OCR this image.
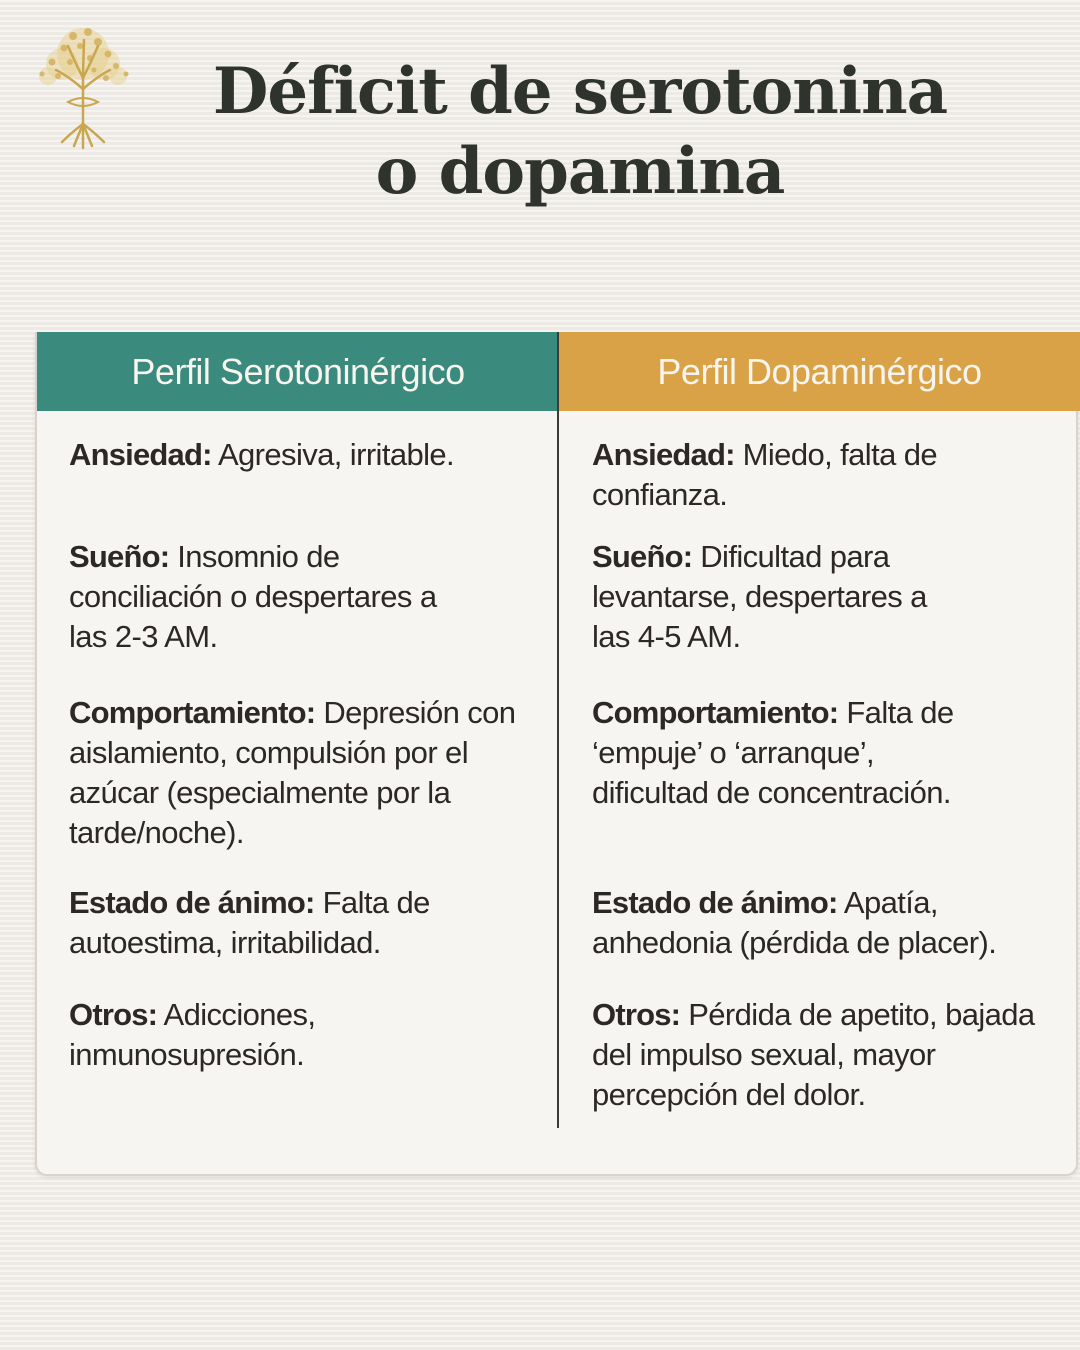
Déficit de serotonina
o dopamina
Perfil Serotoninérgico	Perfil Dopaminérgico
Ansiedad: Agresiva, irritable.
Sueño: Insomnio de conciliación o despertares a las 2-3 AM.
Comportamiento: Depresión con aislamiento, compulsión por el azúcar (especialmente por la tarde/noche).
Estado de ánimo: Falta de autoestima, irritabilidad.
Otros: Adicciones, inmunosupresión.
Ansiedad: Miedo, falta de confianza.
Sueño: Dificultad para levantarse, despertares a las 4-5 AM.
Comportamiento: Falta de ‘empuje’ o ‘arranque’, dificultad de concentración.
Estado de ánimo: Apatía, anhedonia (pérdida de placer).
Otros: Pérdida de apetito, bajada del impulso sexual, mayor percepción del dolor.
